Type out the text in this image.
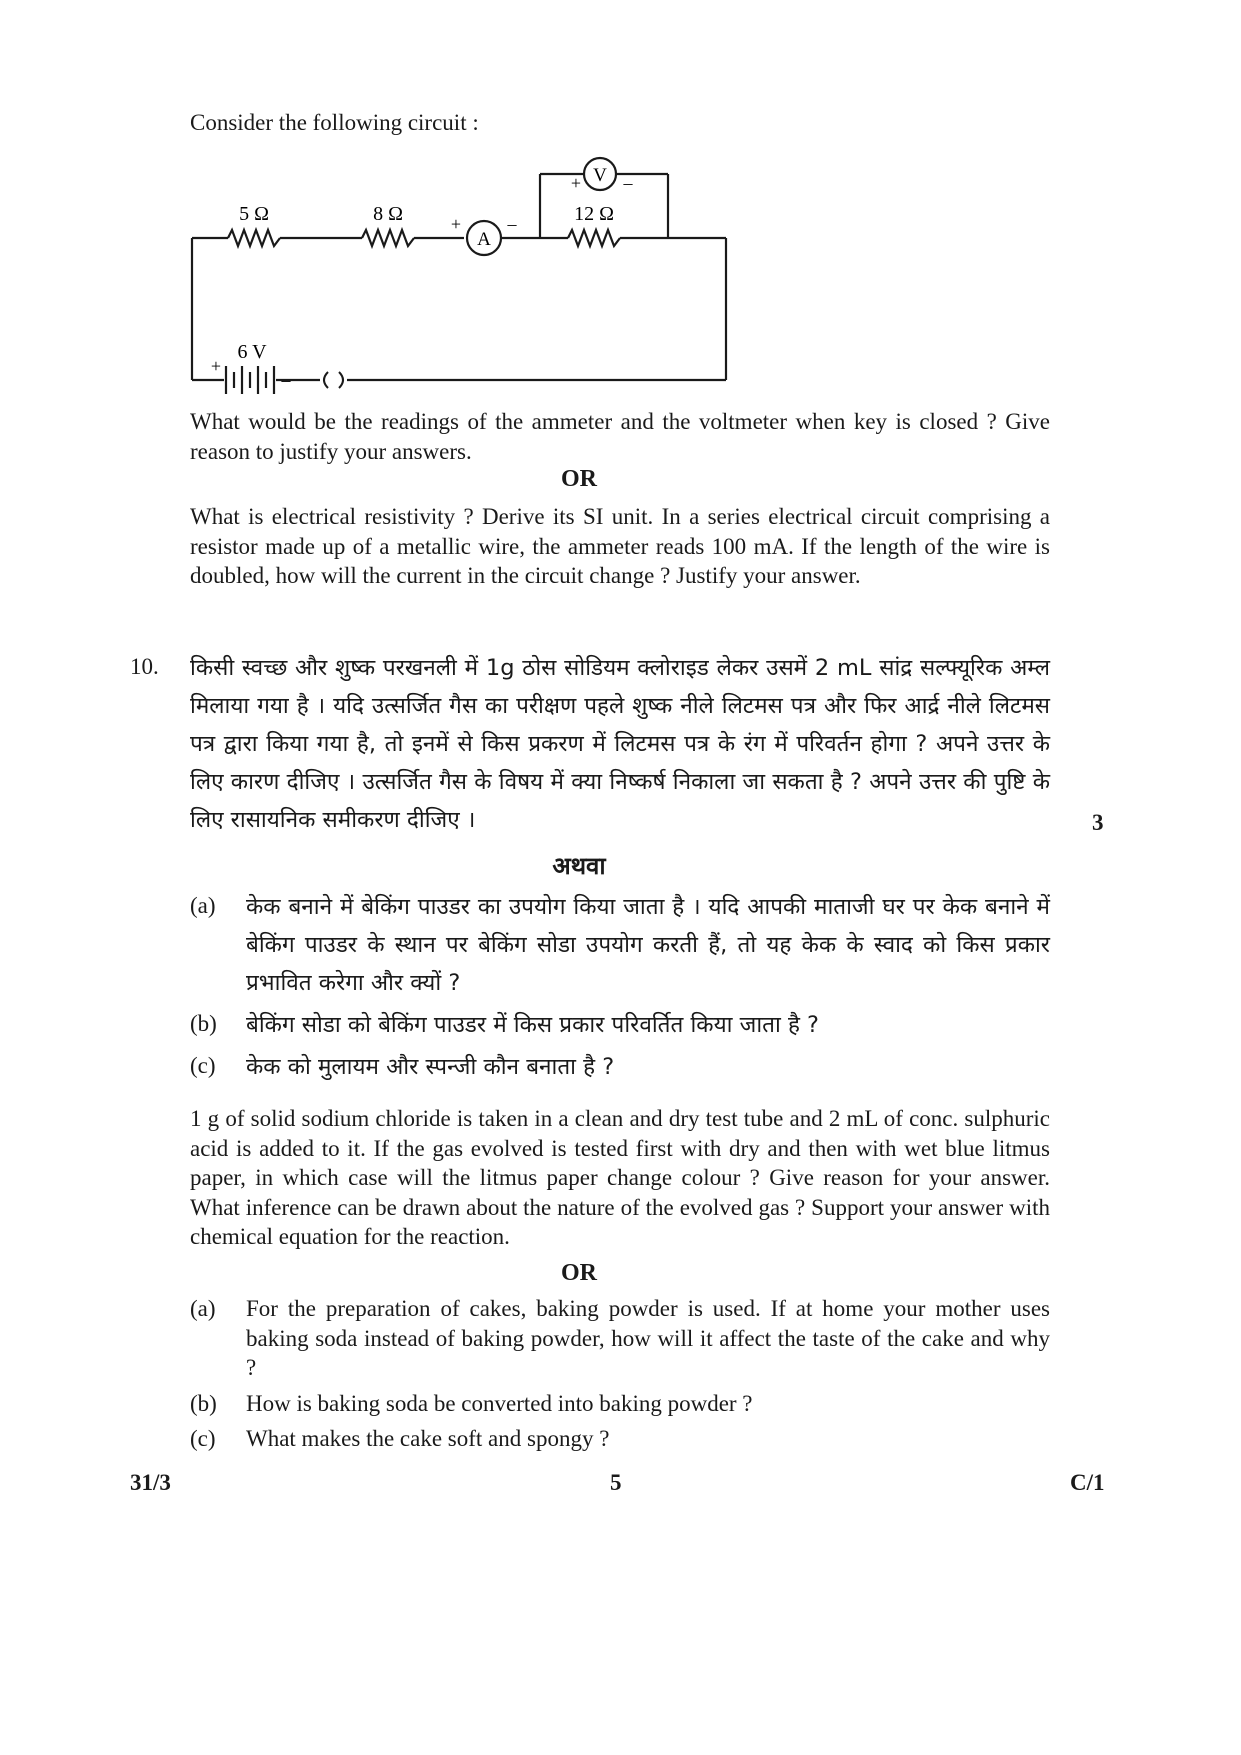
Consider the following circuit :
5 Ω	8 Ω	12 Ω
A
V
+	–
+ –
6 V
+
–
What would be the readings of the ammeter and the voltmeter when key is closed ? Give reason to justify your answers.
OR
What is electrical resistivity ? Derive its SI unit. In a series electrical circuit comprising a resistor made up of a metallic wire, the ammeter reads 100 mA. If the length of the wire is doubled, how will the current in the circuit change ? Justify your answer.
10. किसी स्वच्छ और शुष्क परखनली में 1g ठोस सोडियम क्लोराइड लेकर उसमें 2 mL सांद्र सल्फ्यूरिक अम्ल मिलाया गया है । यदि उत्सर्जित गैस का परीक्षण पहले शुष्क नीले लिटमस पत्र और फिर आर्द्र नीले लिटमस पत्र द्वारा किया गया है, तो इनमें से किस प्रकरण में लिटमस पत्र के रंग में परिवर्तन होगा ? अपने उत्तर के लिए कारण दीजिए । उत्सर्जित गैस के विषय में क्या निष्कर्ष निकाला जा सकता है ? अपने उत्तर की पुष्टि के लिए रासायनिक समीकरण दीजिए ।	3
अथवा
(a)	केक बनाने में बेकिंग पाउडर का उपयोग किया जाता है । यदि आपकी माताजी घर पर केक बनाने में बेकिंग पाउडर के स्थान पर बेकिंग सोडा उपयोग करती हैं, तो यह केक के स्वाद को किस प्रकार प्रभावित करेगा और क्यों ?
(b)	बेकिंग सोडा को बेकिंग पाउडर में किस प्रकार परिवर्तित किया जाता है ?
(c)	केक को मुलायम और स्पन्जी कौन बनाता है ?
1 g of solid sodium chloride is taken in a clean and dry test tube and 2 mL of conc. sulphuric acid is added to it. If the gas evolved is tested first with dry and then with wet blue litmus paper, in which case will the litmus paper change colour ? Give reason for your answer. What inference can be drawn about the nature of the evolved gas ? Support your answer with chemical equation for the reaction.
OR
(a)	For the preparation of cakes, baking powder is used. If at home your mother uses baking soda instead of baking powder, how will it affect the taste of the cake and why ?
(b)	How is baking soda be converted into baking powder ?
(c)	What makes the cake soft and spongy ?
31/3	5	C/1
